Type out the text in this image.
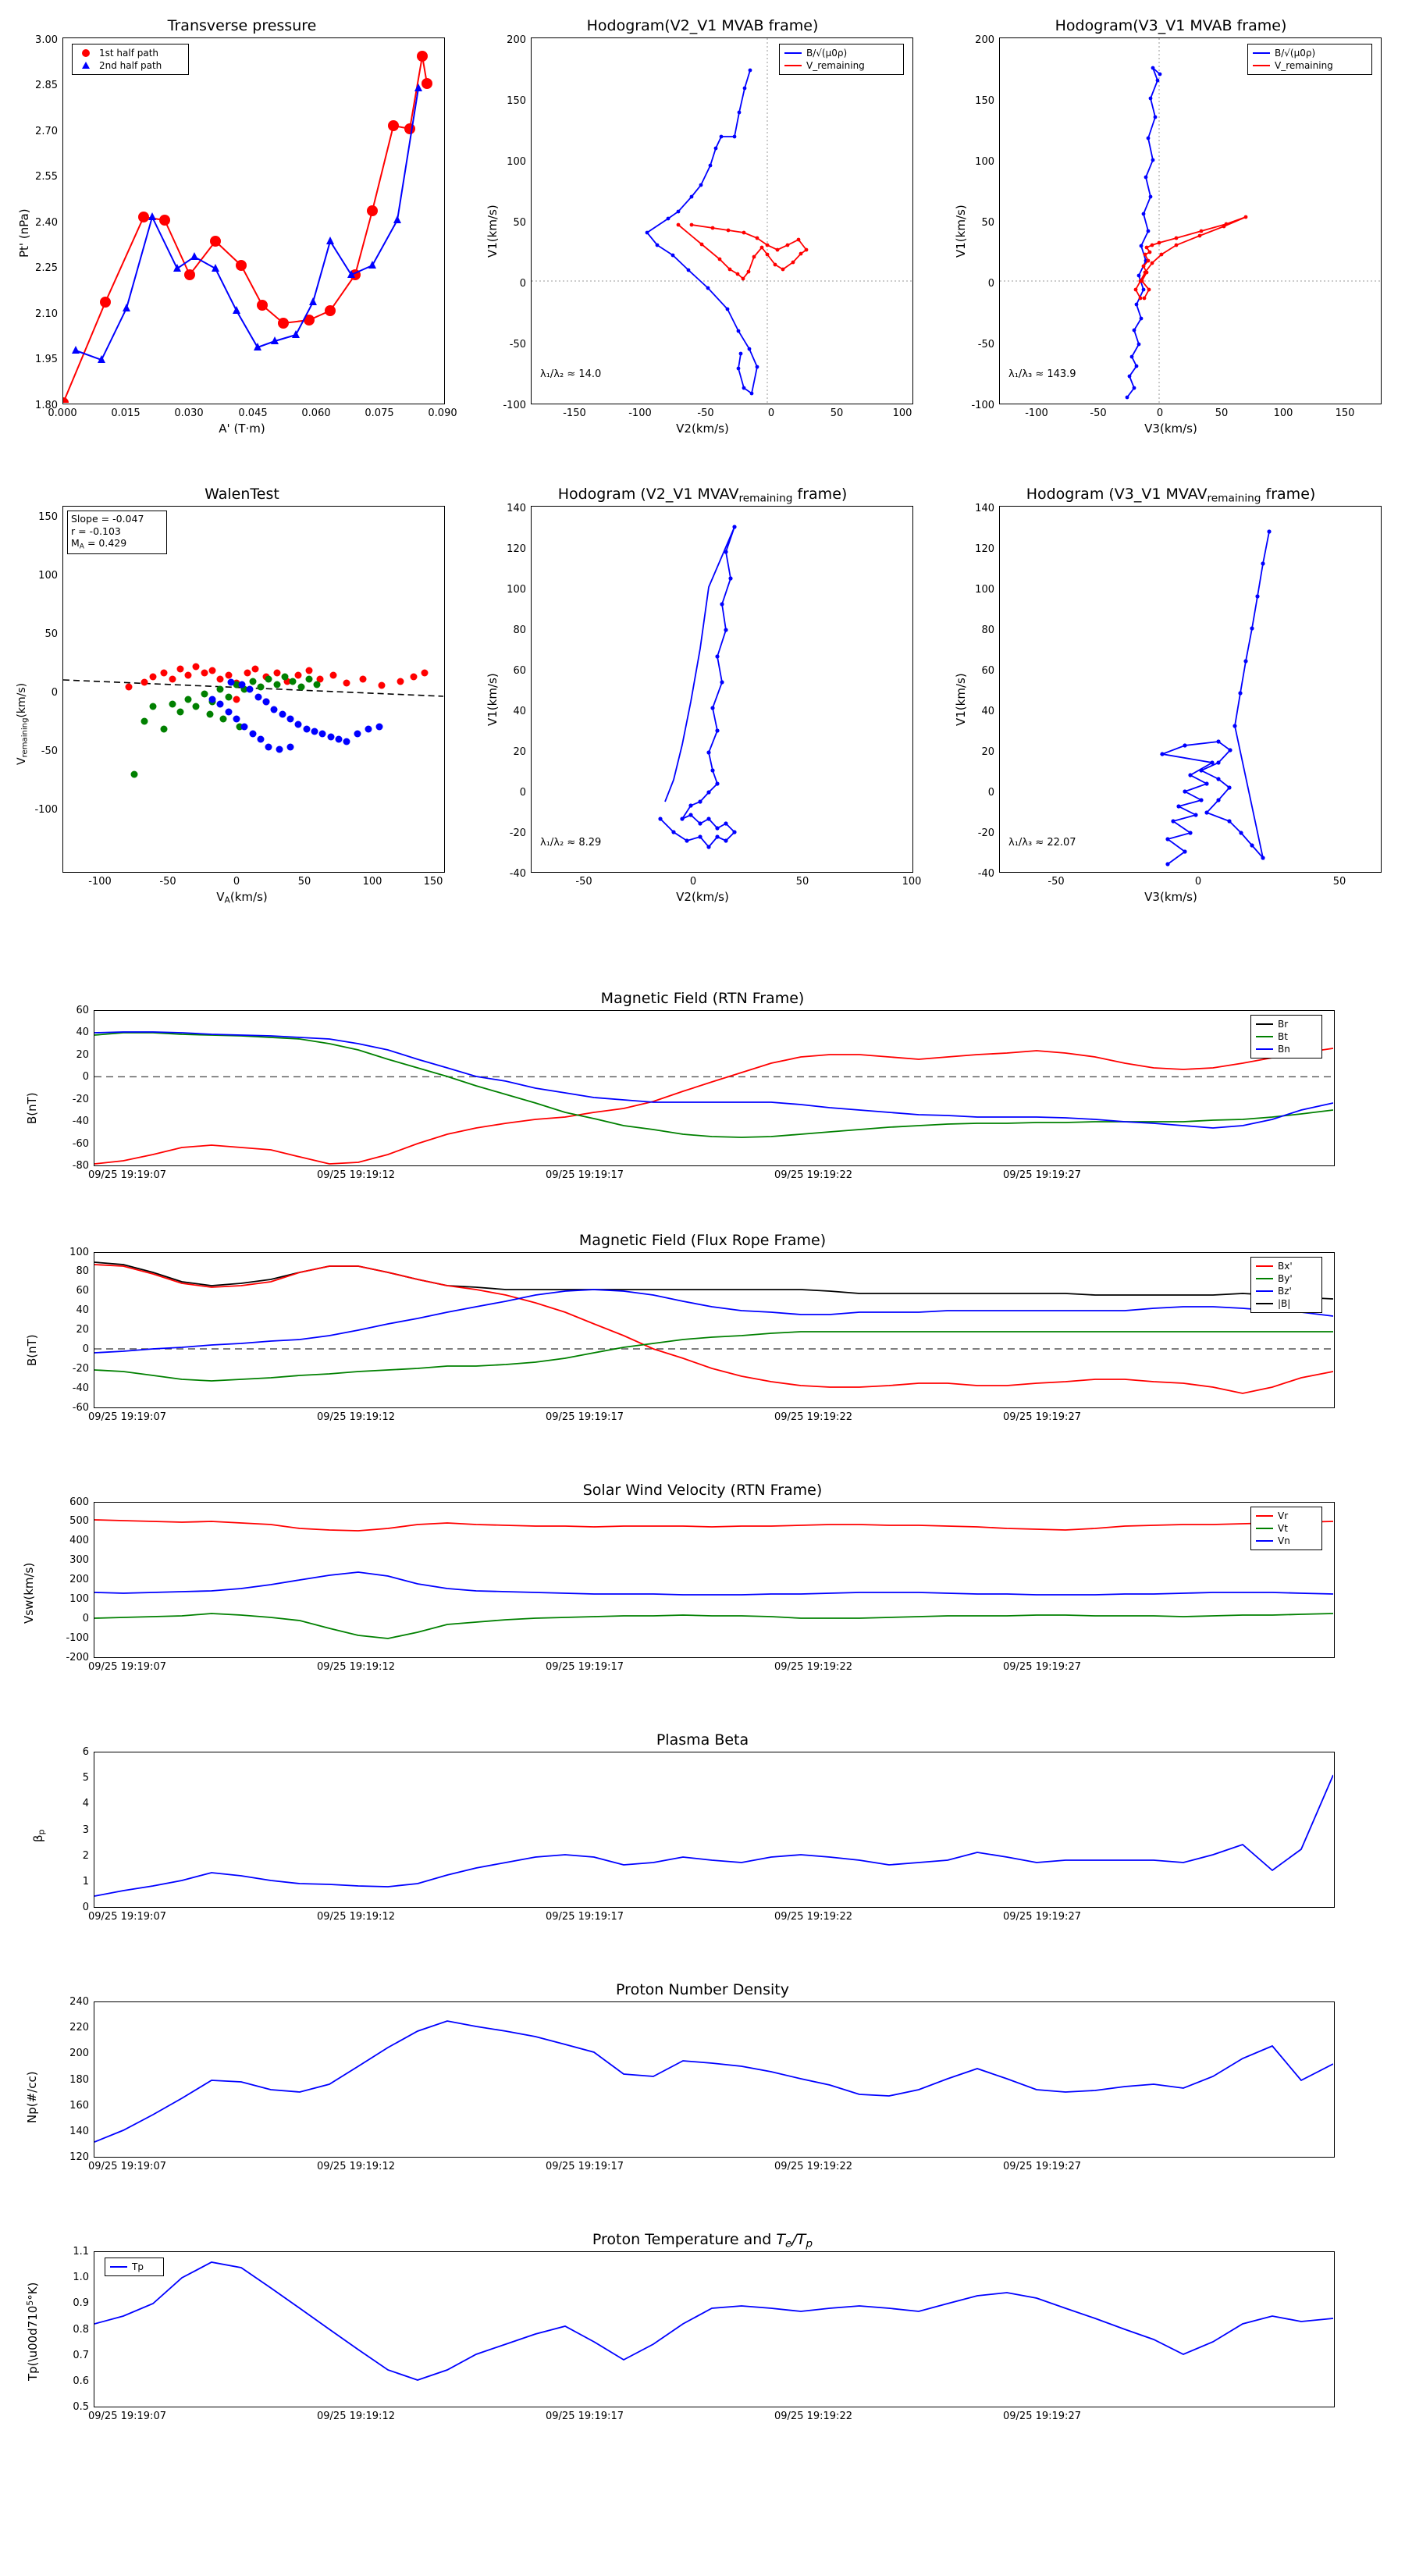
Transverse pressure
Pt' (nPa)
A' (T·m)
1st half path
2nd half path
1.80
1.95
2.10
2.25
2.40
2.55
2.70
2.85
3.00
0.000	0.015	0.030	0.045	0.060	0.075	0.090
Hodogram(V2_V1 MVAB frame)
V1(km/s)
V2(km/s)
B/√(μ0ρ)
V_remaining
λ₁/λ₂ ≈ 14.0
-100
-50
0
50
100
150
200
-150	-100	-50	0	50	100
Hodogram(V3_V1 MVAB frame)
V1(km/s)
V3(km/s)
B/√(μ0ρ)
V_remaining
λ₁/λ₃ ≈ 143.9
-100
-50
0
50
100
150
200
-100	-50	0	50	100	150
WalenTest
$V_{remaining}(km/s)$
$V_A(km/s)$
Slope = -0.047
r = -0.103
$M_A = 0.429$
-100
-50
0
50
100
150
-100	-50	0	50	100	150
Hodogram (V2_V1 $MVAV_{remaining}$ frame)
V1(km/s)
V2(km/s)
λ₁/λ₂ ≈ 8.29
-40
-20
0
20
40
60
80
100
120
140
-50	0	50	100
Hodogram (V3_V1 $MVAV_{remaining}$ frame)
V1(km/s)
V3(km/s)
λ₁/λ₃ ≈ 22.07
-40
-20
0
20
40
60
80
100
120
140
-50	0	50
Magnetic Field (RTN Frame)
B(nT)
Br
Bt
Bn
-80
-60
-40
-20
0
20
40
60
09/25 19:19:07	09/25 19:19:12	09/25 19:19:17	09/25 19:19:22	09/25 19:19:27
Magnetic Field (Flux Rope Frame)
B(nT)
Bx'
By'
Bz'
|B|
-60
-40
-20
0
20
40
60
80
100
09/25 19:19:07	09/25 19:19:12	09/25 19:19:17	09/25 19:19:22	09/25 19:19:27
Solar Wind Velocity (RTN Frame)
Vsw(km/s)
Vr
Vt
Vn
-200
-100
0
100
200
300
400
500
600
09/25 19:19:07	09/25 19:19:12	09/25 19:19:17	09/25 19:19:22	09/25 19:19:27
Plasma Beta
$\beta_p$
0
1
2
3
4
5
6
09/25 19:19:07	09/25 19:19:12	09/25 19:19:17	09/25 19:19:22	09/25 19:19:27
Proton Number Density
Np(#/cc)
120
140
160
180
200
220
240
09/25 19:19:07	09/25 19:19:12	09/25 19:19:17	09/25 19:19:22	09/25 19:19:27
Proton Temperature and $T_e/T_p$
$Tp(\backslash u00d710^5^\circ K)$
Tp
0.5
0.6
0.7
0.8
0.9
1.0
1.1
09/25 19:19:07	09/25 19:19:12	09/25 19:19:17	09/25 19:19:22	09/25 19:19:27
